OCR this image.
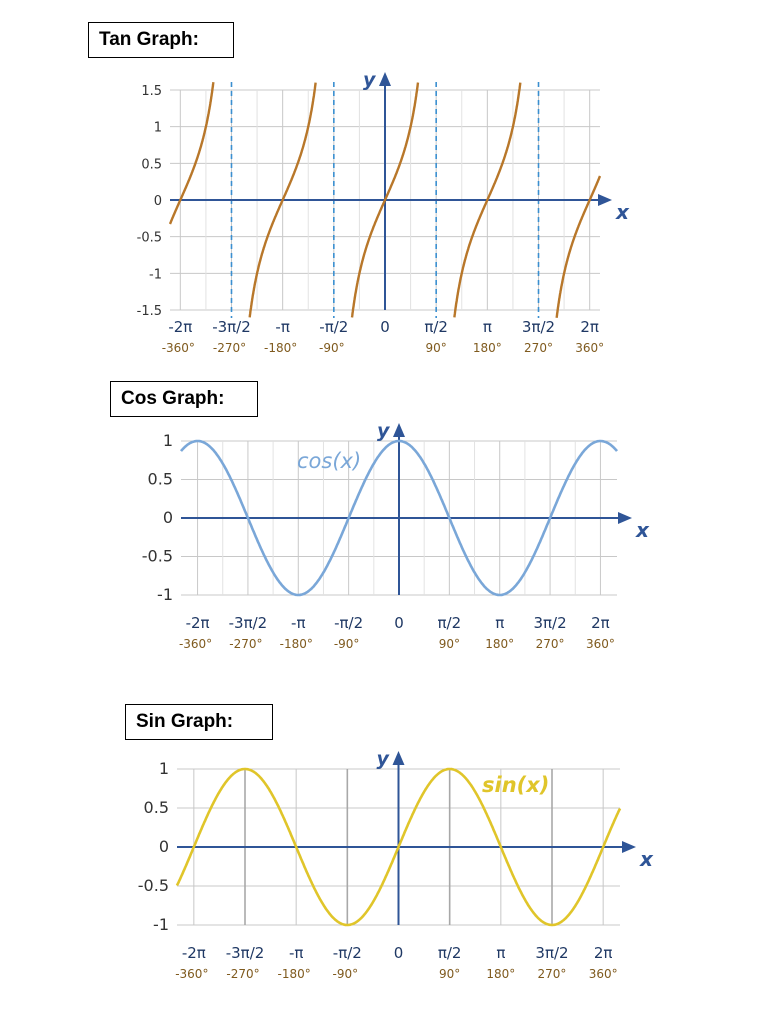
Tan Graph:
x
y
1.5
1
0.5
0
-0.5
-1
-1.5
-2π
-360°
-3π/2
-270°
-π
-180°
-π/2
-90°
0 π/2
90°
π
180°
3π/2
270°
2π
360°
Cos Graph:
x
y
1
0.5
0
-0.5
-1
-2π
-360°
-3π/2
-270°
-π
-180°
-π/2
-90°
0 π/2
90°
π
180°
3π/2
270°
2π
360°
cos(x)
Sin Graph:
x
y
1
0.5
0
-0.5
-1
-2π
-360°
-3π/2
-270°
-π
-180°
-π/2
-90°
0 π/2
90°
π
180°
3π/2
270°
2π
360°
sin(x)
